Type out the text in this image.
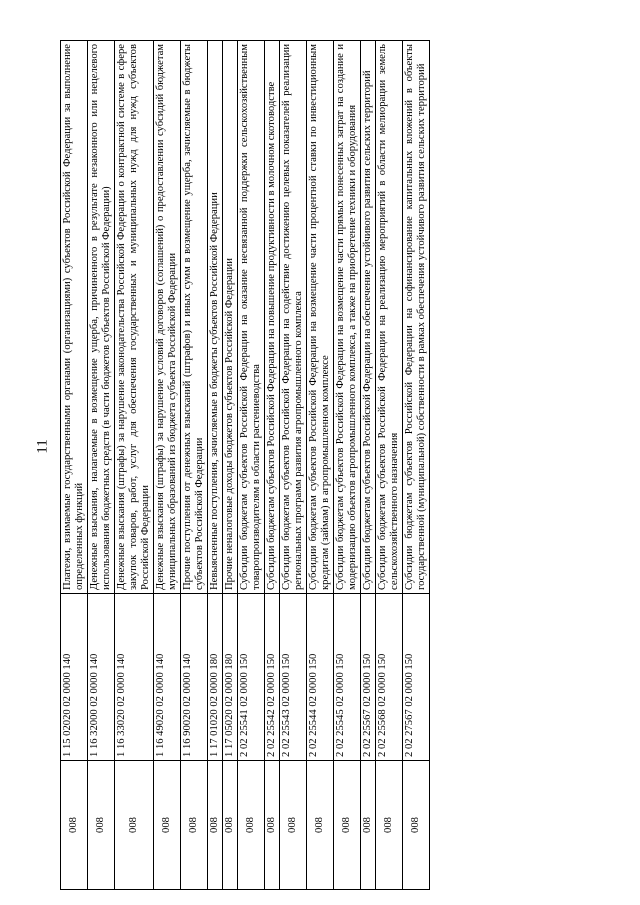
11
008	1 15 02020 02 0000 140	Платежи, взимаемые государственными органами (организациями) субъектов Российской Федерации за выполнение определенных функций
008	1 16 32000 02 0000 140	Денежные взыскания, налагаемые в возмещение ущерба, причиненного в результате незаконного или нецелевого использования бюджетных средств (в части бюджетов субъектов Российской Федерации)
008	1 16 33020 02 0000 140	Денежные взыскания (штрафы) за нарушение законодательства Российской Федерации о контрактной системе в сфере закупок товаров, работ, услуг для обеспечения государственных и муниципальных нужд для нужд субъектов Российской Федерации
008	1 16 49020 02 0000 140	Денежные взыскания (штрафы) за нарушение условий договоров (соглашений) о предоставлении субсидий бюджетам муниципальных образований из бюджета субъекта Российской Федерации
008	1 16 90020 02 0000 140	Прочие поступления от денежных взысканий (штрафов) и иных сумм в возмещение ущерба, зачисляемые в бюджеты субъектов Российской Федерации
008	1 17 01020 02 0000 180	Невыясненные поступления, зачисляемые в бюджеты субъектов Российской Федерации
008	1 17 05020 02 0000 180	Прочие неналоговые доходы бюджетов субъектов Российской Федерации
008	2 02 25541 02 0000 150	Субсидии бюджетам субъектов Российской Федерации на оказание несвязанной поддержки сельскохозяйственным товаропроизводителям в области растениеводства
008	2 02 25542 02 0000 150	Субсидии бюджетам субъектов Российской Федерации на повышение продуктивности в молочном скотоводстве
008	2 02 25543 02 0000 150	Субсидии бюджетам субъектов Российской Федерации на содействие достижению целевых показателей реализации региональных программ развития агропромышленного комплекса
008	2 02 25544 02 0000 150	Субсидии бюджетам субъектов Российской Федерации на возмещение части процентной ставки по инвестиционным кредитам (займам) в агропромышленном комплексе
008	2 02 25545 02 0000 150	Субсидии бюджетам субъектов Российской Федерации на возмещение части прямых понесенных затрат на создание и модернизацию объектов агропромышленного комплекса, а также на приобретение техники и оборудования
008	2 02 25567 02 0000 150	Субсидии бюджетам субъектов Российской Федерации на обеспечение устойчивого развития сельских территорий
008	2 02 25568 02 0000 150	Субсидии бюджетам субъектов Российской Федерации на реализацию мероприятий в области мелиорации земель сельскохозяйственного назначения
008	2 02 27567 02 0000 150	Субсидии бюджетам субъектов Российской Федерации на софинансирование капитальных вложений в объекты государственной (муниципальной) собственности в рамках обеспечения устойчивого развития сельских территорий
